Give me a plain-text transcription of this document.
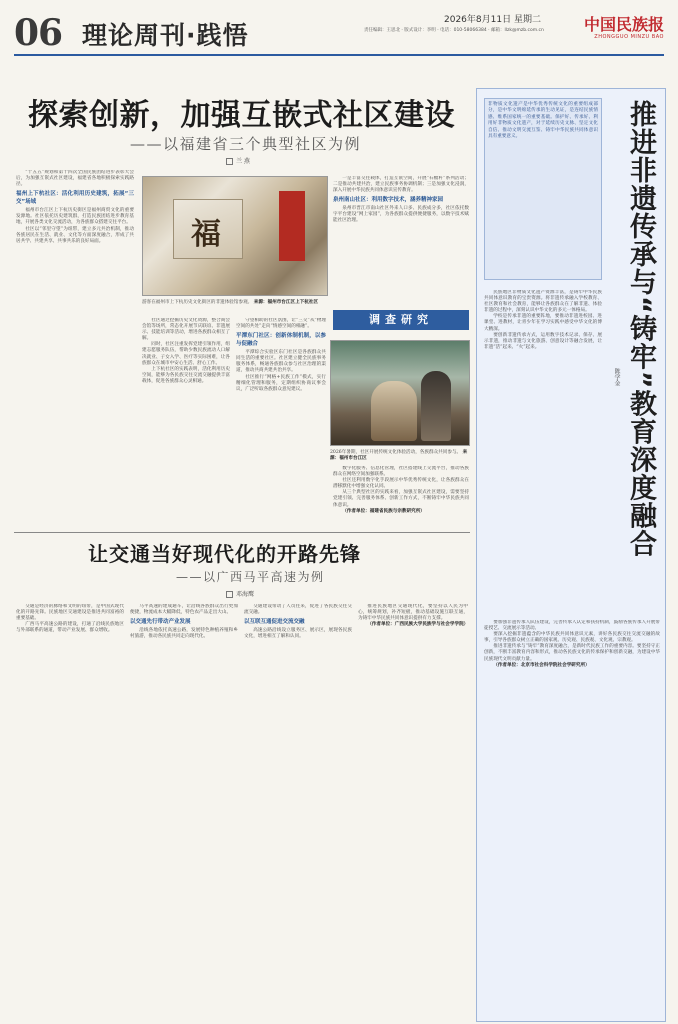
06 理论周刊·践悟
2026年8月11日 星期二
责任编辑：王思北 · 版式设计：李明 · 电话：010-58066384 · 邮箱：llzk@mzb.com.cn	中国民族报
ZHONGGUO MINZU BAO
探索创新，加强互嵌式社区建设
——以福建省三个典型社区为例
兰 燕

“十五五”规划和第十四次全国民族团结进步表彰大会后，为加强互嵌式社区建设，福建省各地积极探索实践路径。

福州上下杭社区：活化利用历史建筑，拓展“三交”场域

福州市台江区上下杭历史街区是福州商贸文化的重要发源地。社区依托历史建筑群，打造民族团结进步教育基地，开展各类文化交流活动，为各族群众搭建交往平台。

社区以“邻里守望”为纽带，建立多元共治机制，推动各族居民在生活、就业、文化等方面深度融合，形成了共居共学、共建共享、共事共乐的良好局面。	福
游客在福州市上下杭历史文化街区的非遗体验馆参观。 来源：福州市台江区上下杭社区

社区通过挖掘历史文化资源，整合商会会馆等场所，常态化开展节庆联谊、非遗展示、技能培训等活动，增进各族群众相互了解。

同时，社区注重发挥党建引领作用，组建志愿服务队伍，帮助少数民族流动人口解决就业、子女入学、医疗等实际困难，让各族群众在城市中安心生活、舒心工作。

上下杭社区的实践表明，活化利用历史空间，能够为各民族交往交流交融提供丰富载体，促进各族群众心灵相通。

守望相助的社区氛围，让“三交”从“物理空间的共处”走向“情感空间的相融”。

平潭东门社区：创新体制机制，以参与促融合

平潭综合实验区东门社区是各族群众共同生活的重要社区。社区建立健全民族事务服务体系，畅通各族群众参与社区治理的渠道，推动共商共建共治共享。

社区推行“网格+民族工作”模式，实行精细化管理和服务，定期组织协商议事会议，广泛听取各族群众意见建议。

一是丰富交往载体，打造互嵌空间，开展“石榴籽”系列活动；二是推动共建共治，建立民族事务协调机制；三是加强文化浸润，深入开展中华民族共同体意识宣传教育。

泉州南山社区：利用数字技术，涵养精神家园

泉州市晋江市南山社区外来人口多、民族成分多，社区依托数字平台建设“网上家园”，为各族群众提供便捷服务，以数字技术赋能社区治理。

调查研究
2026年暑期，社区开展传统文化体验活动，各族群众共同参与。 来源：福州市台江区

数字化服务、信息化管理，社区搭建线上交流平台，推动各族群众在网络空间加强联系。

社区还利用数字化手段展示中华优秀传统文化，让各族群众在潜移默化中增强文化认同。

从三个典型社区的实践来看，加强互嵌式社区建设，需要坚持党建引领、完善服务体系、创新工作方式，不断铸牢中华民族共同体意识。

（作者单位：福建省民族与宗教研究所）

让交通当好现代化的开路先锋
——以广西马平高速为例
邓海鹰

交通是经济的脉络和文明的纽带，是中国式现代化的开路先锋。民族地区交通建设是推进共同富裕的重要基础。

广西马平高速公路的建设，打通了沿线民族地区与外部联系的通道，带动产业发展、群众增收。

马平高速的建成通车，让沿线各族群众出行更加便捷，物流成本大幅降低，特色农产品走出大山。

以交通先行带动产业发展

沿线各地依托高速公路，发展特色种植养殖和乡村旅游，推动各民族共同走向现代化。

交通建设带动了人员往来，促进了各民族交往交流交融。

以互联互通促进交流交融

高速公路沿线设立服务区、展示区，展现各民族文化，增进相互了解和认同。

推进民族地区交通现代化，要坚持以人民为中心，统筹规划，补齐短板，推动基础设施互联互通，为铸牢中华民族共同体意识提供有力支撑。

（作者单位：广西民族大学民族学与社会学学院）

非物质文化遗产是中华优秀传统文化的重要组成部分，是中华文明绵延传承的生动见证，是连结民族情感、维系国家统一的重要基础。保护好、传承好、利用好非物质文化遗产，对于延续历史文脉、坚定文化自信、推动文明交流互鉴、铸牢中华民族共同体意识具有重要意义。	推进非遗传承与“铸牢”教育深度融合
陈学金

民族地区非物质文化遗产资源丰富，是铸牢中华民族共同体意识教育的宝贵资源。将非遗传承融入学校教育、社区教育和社会教育，能够让各族群众在了解非遗、体验非遗的过程中，深刻认识中华文化的多元一体格局。

学校是传承非遗的重要阵地，要推动非遗进校园、进课堂、进教材，让青少年在学习实践中感受中华文化的博大精深。

要创新非遗传承方式，运用数字技术记录、保存、展示非遗，推动非遗与文化旅游、创意设计等融合发展，让非遗“活”起来、“火”起来。

要加强非遗传承人队伍建设，完善传承人认定和扶持机制，鼓励各族传承人开展带徒授艺、交流展示等活动。

要深入挖掘非遗蕴含的中华民族共同体意识元素，讲好各民族交往交流交融的故事，引导各族群众树立正确的国家观、历史观、民族观、文化观、宗教观。

推进非遗传承与“铸牢”教育深度融合，是新时代民族工作的重要内容。要坚持守正创新，不断丰富教育内容和形式，推动各民族文化的传承保护和创新交融，为建设中华民族现代文明贡献力量。

（作者单位：北京市社会科学院社会学研究所）
